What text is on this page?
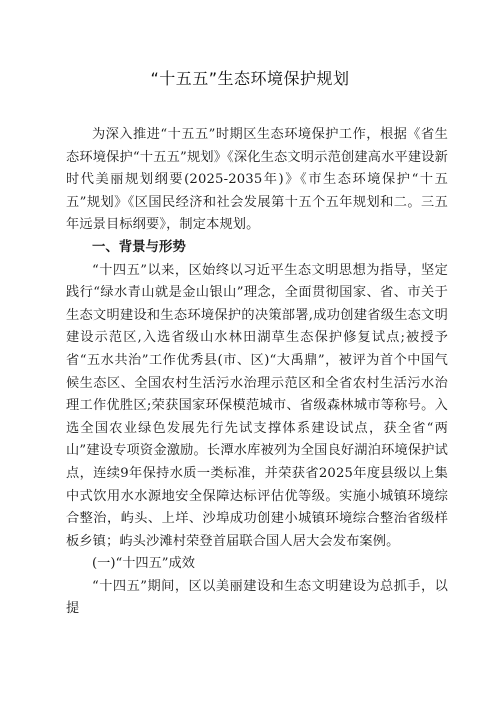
“十五五”生态环境保护规划

为深入推进“十五五”时期区生态环境保护工作，根据《省生态环境保护“十五五”规划》《深化生态文明示范创建高水平建设新时代美丽规划纲要(2025-2035年)》《市生态环境保护“十五五”规划》《区国民经济和社会发展第十五个五年规划和二。三五年远景目标纲要》，制定本规划。

一、背景与形势

“十四五”以来，区始终以习近平生态文明思想为指导，坚定践行“绿水青山就是金山银山”理念，全面贯彻国家、省、市关于生态文明建设和生态环境保护的决策部署,成功创建省级生态文明建设示范区,入选省级山水林田湖草生态保护修复试点;被授予省“五水共治”工作优秀县(市、区)“大禹鼎”，被评为首个中国气候生态区、全国农村生活污水治理示范区和全省农村生活污水治理工作优胜区;荣获国家环保模范城市、省级森林城市等称号。入选全国农业绿色发展先行先试支撑体系建设试点，获全省“两山”建设专项资金激励。长潭水库被列为全国良好湖泊环境保护试点，连续9年保持水质一类标准，并荣获省2025年度县级以上集中式饮用水水源地安全保障达标评估优等级。实施小城镇环境综合整治，屿头、上垟、沙埠成功创建小城镇环境综合整治省级样板乡镇；屿头沙滩村荣登首届联合国人居大会发布案例。

(一)“十四五”成效

“十四五”期间，区以美丽建设和生态文明建设为总抓手，以提
